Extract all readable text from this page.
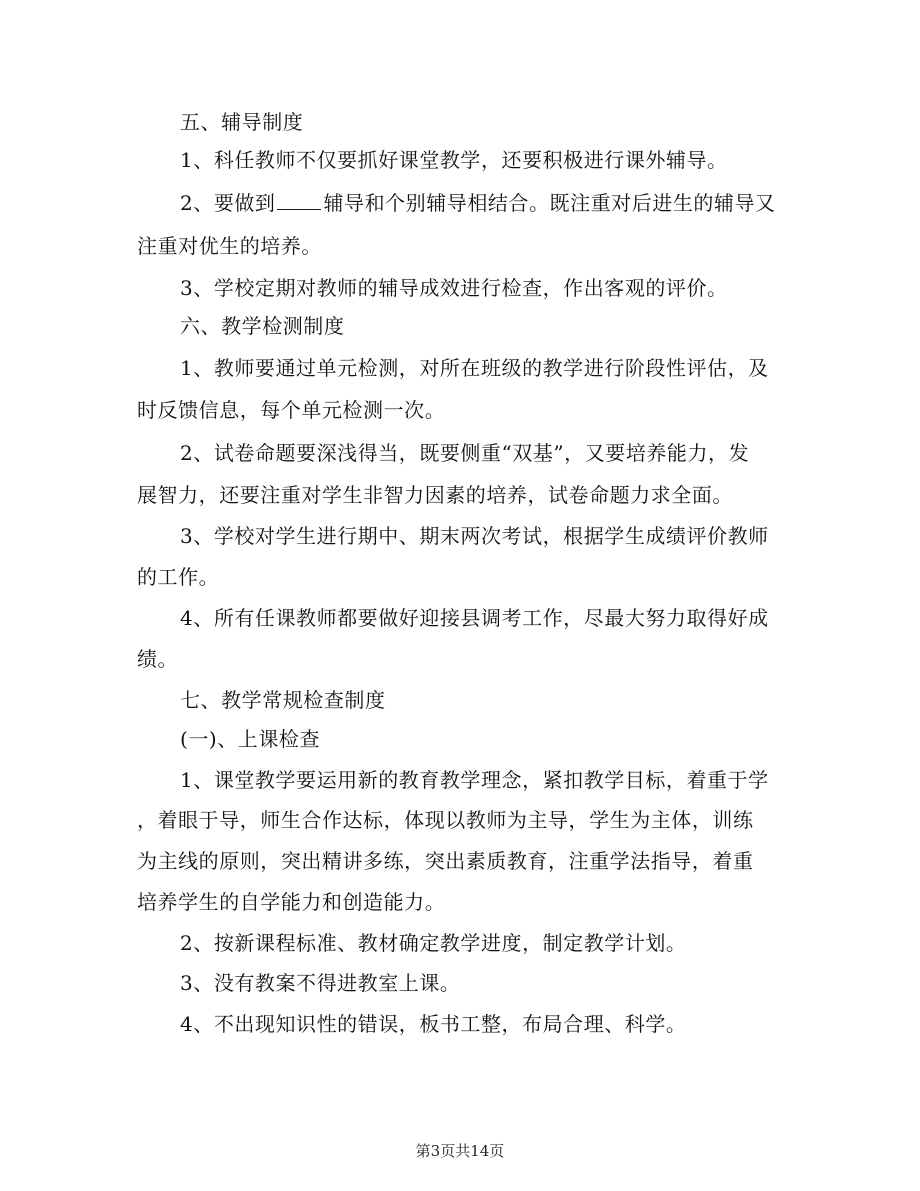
五、辅导制度
1、科任教师不仅要抓好课堂教学，还要积极进行课外辅导。
2、要做到 辅导和个别辅导相结合。既注重对后进生的辅导又
注重对优生的培养。
3、学校定期对教师的辅导成效进行检查，作出客观的评价。
六、教学检测制度
1、教师要通过单元检测，对所在班级的教学进行阶段性评估，及
时反馈信息，每个单元检测一次。
2、试卷命题要深浅得当，既要侧重“双基”，又要培养能力，发
展智力，还要注重对学生非智力因素的培养，试卷命题力求全面。
3、学校对学生进行期中、期末两次考试，根据学生成绩评价教师
的工作。
4、所有任课教师都要做好迎接县调考工作，尽最大努力取得好成
绩。
七、教学常规检查制度
(一)、上课检查
1、课堂教学要运用新的教育教学理念，紧扣教学目标，着重于学
，着眼于导，师生合作达标，体现以教师为主导，学生为主体，训练
为主线的原则，突出精讲多练，突出素质教育，注重学法指导，着重
培养学生的自学能力和创造能力。
2、按新课程标准、教材确定教学进度，制定教学计划。
3、没有教案不得进教室上课。
4、不出现知识性的错误，板书工整，布局合理、科学。
第3页共14页
